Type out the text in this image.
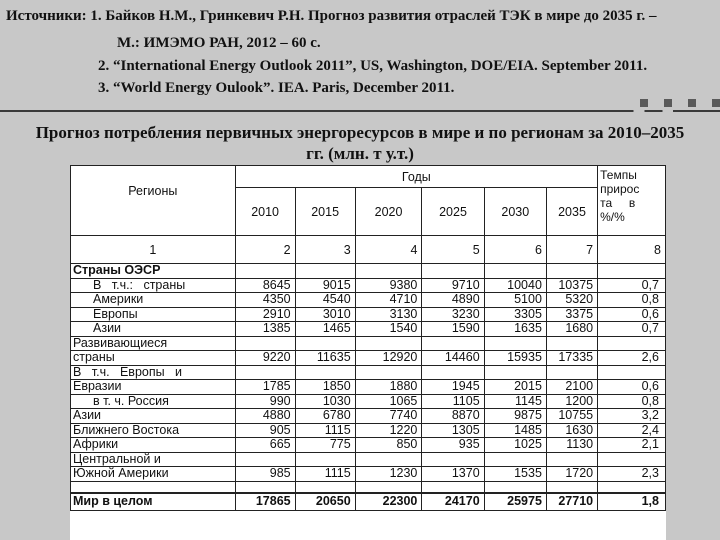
Источники: 1. Байков Н.М., Гринкевич Р.Н. Прогноз развития отраслей ТЭК в мире до 2035 г. –
М.: ИМЭМО РАН, 2012 – 60 с.
2. “International Energy Outlook 2011”, US, Washington, DOE/EIA. September 2011.
3. “World Energy Oulook”. IEA. Paris, December 2011.
Прогноз потребления первичных энергоресурсов в мире и по регионам за 2010–2035
гг. (млн. т у.т.)
Регионы	Годы						Темпы
прирос
та     в
%/%

	2010	2015	2020	2025	2030	2035	
1	2	3	4	5	6	7	8
Страны ОЭСР							
В   т.ч.:   страны	8645	9015	9380	9710	10040	10375	0,7
Америки	4350	4540	4710	4890	5100	5320	0,8
Европы	2910	3010	3130	3230	3305	3375	0,6
Азии	1385	1465	1540	1590	1635	1680	0,7
Развивающиеся							
страны	9220	11635	12920	14460	15935	17335	2,6
В   т.ч.   Европы   и							
Евразии	1785	1850	1880	1945	2015	2100	0,6
в т. ч. Россия	990	1030	1065	1105	1145	1200	0,8
Азии	4880	6780	7740	8870	9875	10755	3,2
Ближнего Востока	905	1115	1220	1305	1485	1630	2,4
Африки	665	775	850	935	1025	1130	2,1
Центральной и							
Южной Америки	985	1115	1230	1370	1535	1720	2,3

Мир в целом	17865	20650	22300	24170	25975	27710	1,8
